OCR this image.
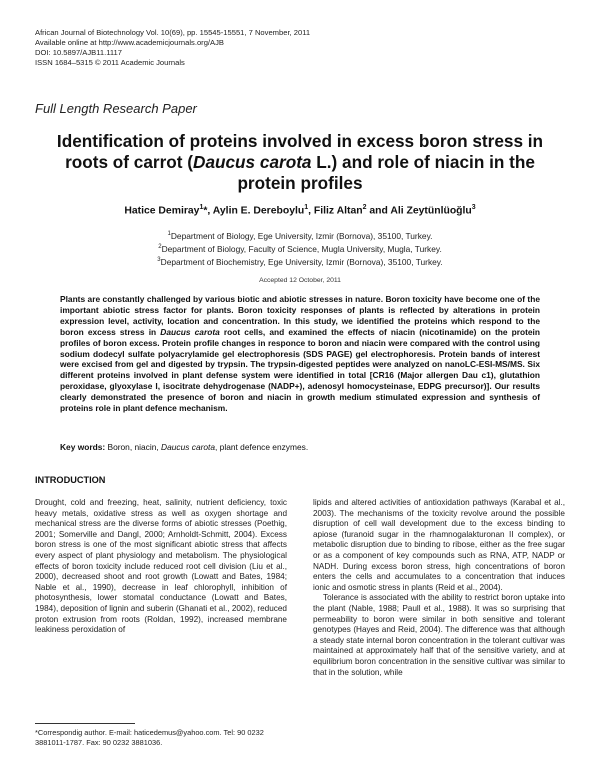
African Journal of Biotechnology Vol. 10(69), pp. 15545-15551, 7 November, 2011
Available online at http://www.academicjournals.org/AJB
DOI: 10.5897/AJB11.1117
ISSN 1684–5315 © 2011 Academic Journals
Full Length Research Paper
Identification of proteins involved in excess boron stress in roots of carrot (Daucus carota L.) and role of niacin in the protein profiles
Hatice Demiray$^1$*, Aylin E. Dereboylu$^1$, Filiz Altan$^2$ and Ali Zeytünlüoğlu$^3$
$^1$Department of Biology, Ege University, Izmir (Bornova), 35100, Turkey.
$^2$Department of Biology, Faculty of Science, Mugla University, Mugla, Turkey.
$^3$Department of Biochemistry, Ege University, Izmir (Bornova), 35100, Turkey.
Accepted 12 October, 2011
Plants are constantly challenged by various biotic and abiotic stresses in nature. Boron toxicity have become one of the important abiotic stress factor for plants. Boron toxicity responses of plants is reflected by alterations in protein expression level, activity, location and concentration. In this study, we identified the proteins which respond to the boron excess stress in Daucus carota root cells, and examined the effects of niacin (nicotinamide) on the protein profiles of boron excess. Protein profile changes in responce to boron and niacin were compared with the control using sodium dodecyl sulfate polyacrylamide gel electrophoresis (SDS PAGE) gel electrophoresis. Protein bands of interest were excised from gel and digested by trypsin. The trypsin-digested peptides were analyzed on nanoLC-ESI-MS/MS. Six different proteins involved in plant defense system were identified in total [CR16 (Major allergen Dau c1), glutathion peroxidase, glyoxylase I, isocitrate dehydrogenase (NADP+), adenosyl homocysteinase, EDPG precursor)]. Our results clearly demonstrated the presence of boron and niacin in growth medium stimulated expression and synthesis of proteins role in plant defence mechanism.
Key words: Boron, niacin, Daucus carota, plant defence enzymes.
INTRODUCTION

Drought, cold and freezing, heat, salinity, nutrient deficiency, toxic heavy metals, oxidative stress as well as oxygen shortage and mechanical stress are the diverse forms of abiotic stresses (Poethig, 2001; Somerville and Dangl, 2000; Arnholdt-Schmitt, 2004). Excess boron stress is one of the most significant abiotic stress that affects every aspect of plant physiology and metabolism. The physiological effects of boron toxicity include reduced root cell division (Liu et al., 2000), decreased shoot and root growth (Lowatt and Bates, 1984; Nable et al., 1990), decrease in leaf chlorophyll, inhibition of photosynthesis, lower stomatal conductance (Lowatt and Bates, 1984), deposition of lignin and suberin (Ghanati et al., 2002), reduced proton extrusion from roots (Roldan, 1992), increased membrane leakiness peroxidation of

lipids and altered activities of antioxidation pathways (Karabal et al., 2003). The mechanisms of the toxicity revolve around the possible disruption of cell wall development due to the excess binding to apiose (furanoid sugar in the rhamnogalakturonan II complex), or metabolic disruption due to binding to ribose, either as the free sugar or as a component of key compounds such as RNA, ATP, NADP or NADH. During excess boron stress, high concentrations of boron enters the cells and accumulates to a concentration that induces ionic and osmotic stress in plants (Reid et al., 2004).

Tolerance is associated with the ability to restrict boron uptake into the plant (Nable, 1988; Paull et al., 1988). It was so surprising that permeability to boron were similar in both sensitive and tolerant genotypes (Hayes and Reid, 2004). The difference was that although a steady state internal boron concentration in the tolerant cultivar was maintained at approximately half that of the sensitive variety, and at equilibrium boron concentration in the sensitive cultivar was similar to that in the solution, while

*Correspondig author. E-mail: haticedemus@yahoo.com. Tel: 90 0232 3881011-1787. Fax: 90 0232 3881036.
